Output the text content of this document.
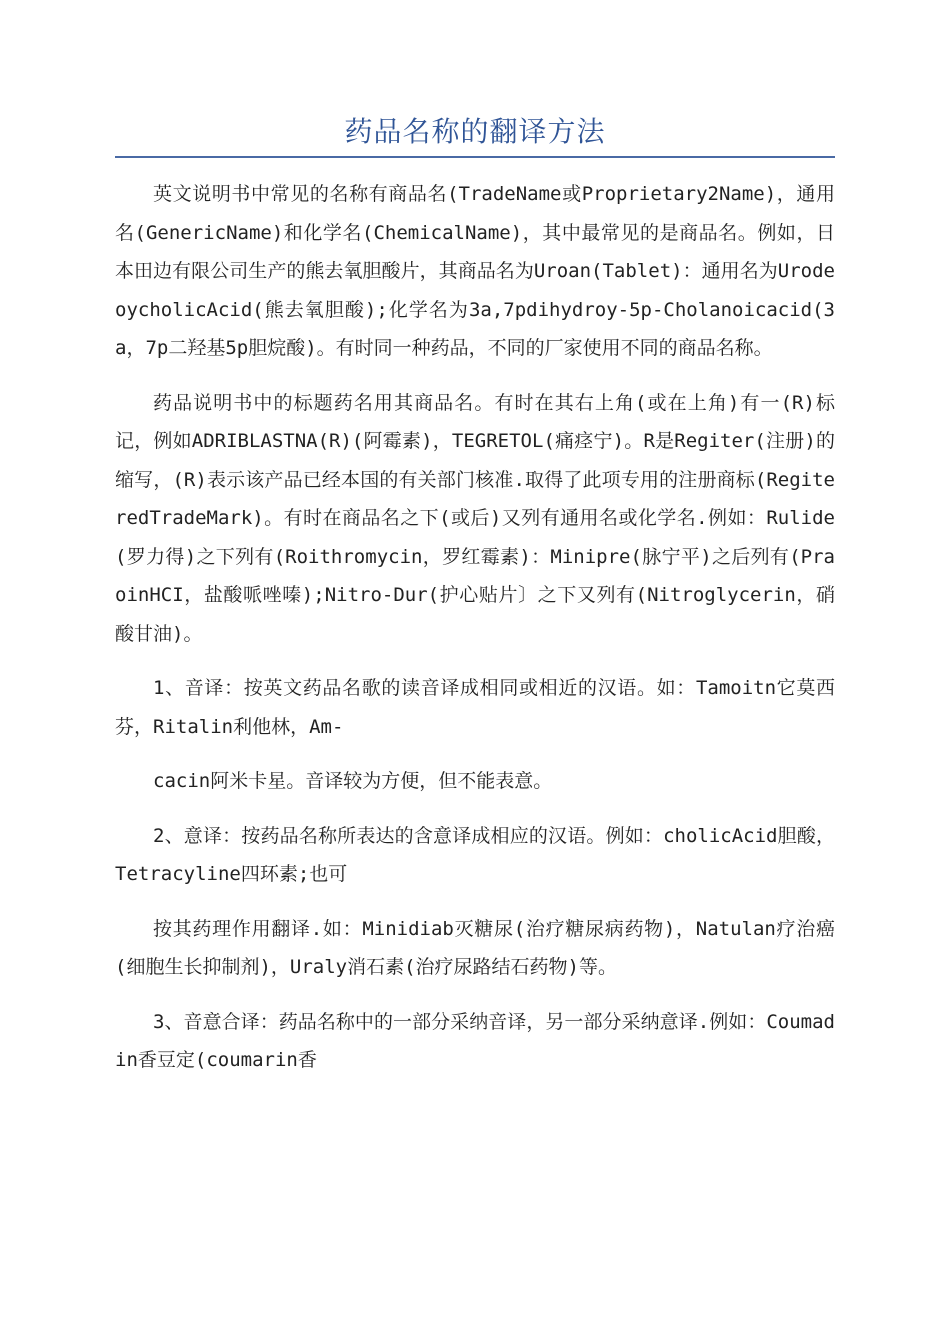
药品名称的翻译方法

英文说明书中常见的名称有商品名(TradeName或Proprietary2Name)，通用名(GenericName)和化学名(ChemicalName)，其中最常见的是商品名。例如，日本田边有限公司生产的熊去氧胆酸片，其商品名为Uroan(Tablet)：通用名为UrodeoycholicAcid(熊去氧胆酸);化学名为3a,7pdihydroy-5p-Cholanoicacid(3a，7p二羟基5p胆烷酸)。有时同一种药品，不同的厂家使用不同的商品名称。

药品说明书中的标题药名用其商品名。有时在其右上角(或在上角)有一(R)标记，例如ADRIBLASTNA(R)(阿霉素)，TEGRETOL(痛痉宁)。R是Regiter(注册)的缩写，(R)表示该产品已经本国的有关部门核准.取得了此项专用的注册商标(RegiteredTradeMark)。有时在商品名之下(或后)又列有通用名或化学名.例如：Rulide(罗力得)之下列有(Roithromycin，罗红霉素)：Minipre(脉宁平)之后列有(PraoinHCI，盐酸哌唑嗪);Nitro-Dur(护心贴片〕之下又列有(Nitroglycerin，硝酸甘油)。

1、音译：按英文药品名歌的读音译成相同或相近的汉语。如：Tamoitn它莫西芬，Ritalin利他林，Am-

cacin阿米卡星。音译较为方便，但不能表意。

2、意译：按药品名称所表达的含意译成相应的汉语。例如：cholicAcid胆酸，Tetracyline四环素;也可

按其药理作用翻译.如：Minidiab灭糖尿(治疗糖尿病药物)，Natulan疗治癌(细胞生长抑制剂)，Uraly消石素(治疗尿路结石药物)等。

3、音意合译：药品名称中的一部分采纳音译，另一部分采纳意译.例如：Coumadin香豆定(coumarin香
